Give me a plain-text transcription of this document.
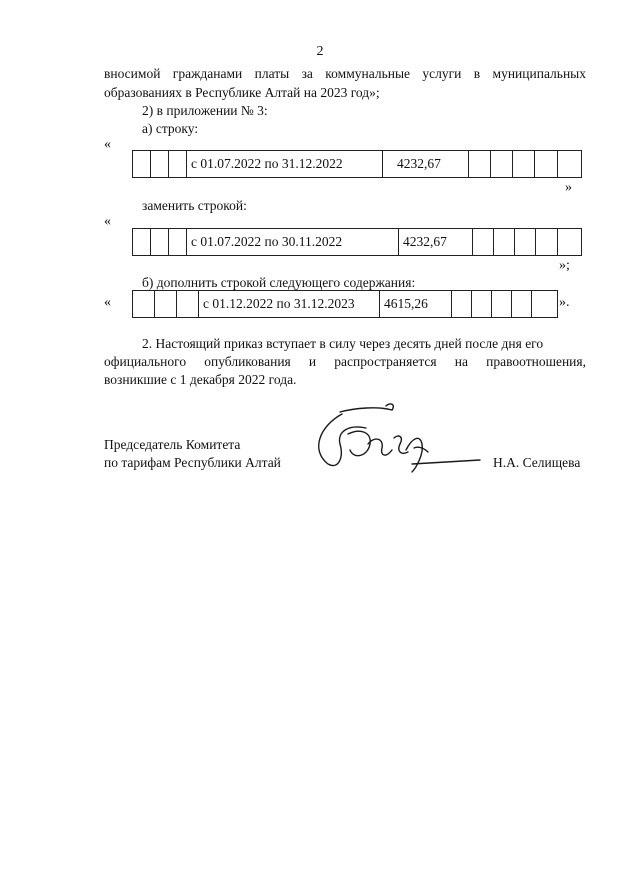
2
вносимой гражданами платы за коммунальные услуги в муниципальных
образованиях в Республике Алтай на 2023 год»;
2) в приложении № 3:
а) строку:
«
			с 01.07.2022 по 31.12.2022	4232,67					
»
заменить строкой:
«
			с 01.07.2022 по 30.11.2022	4232,67					
»;
б) дополнить строкой следующего содержания:
«
				с 01.12.2022 по 31.12.2023	4615,26						».
2. Настоящий приказ вступает в силу через десять дней после дня его
официального опубликования и распространяется на правоотношения,
возникшие с 1 декабря 2022 года.
Председатель Комитета
по тарифам Республики Алтай	Н.А. Селищева
